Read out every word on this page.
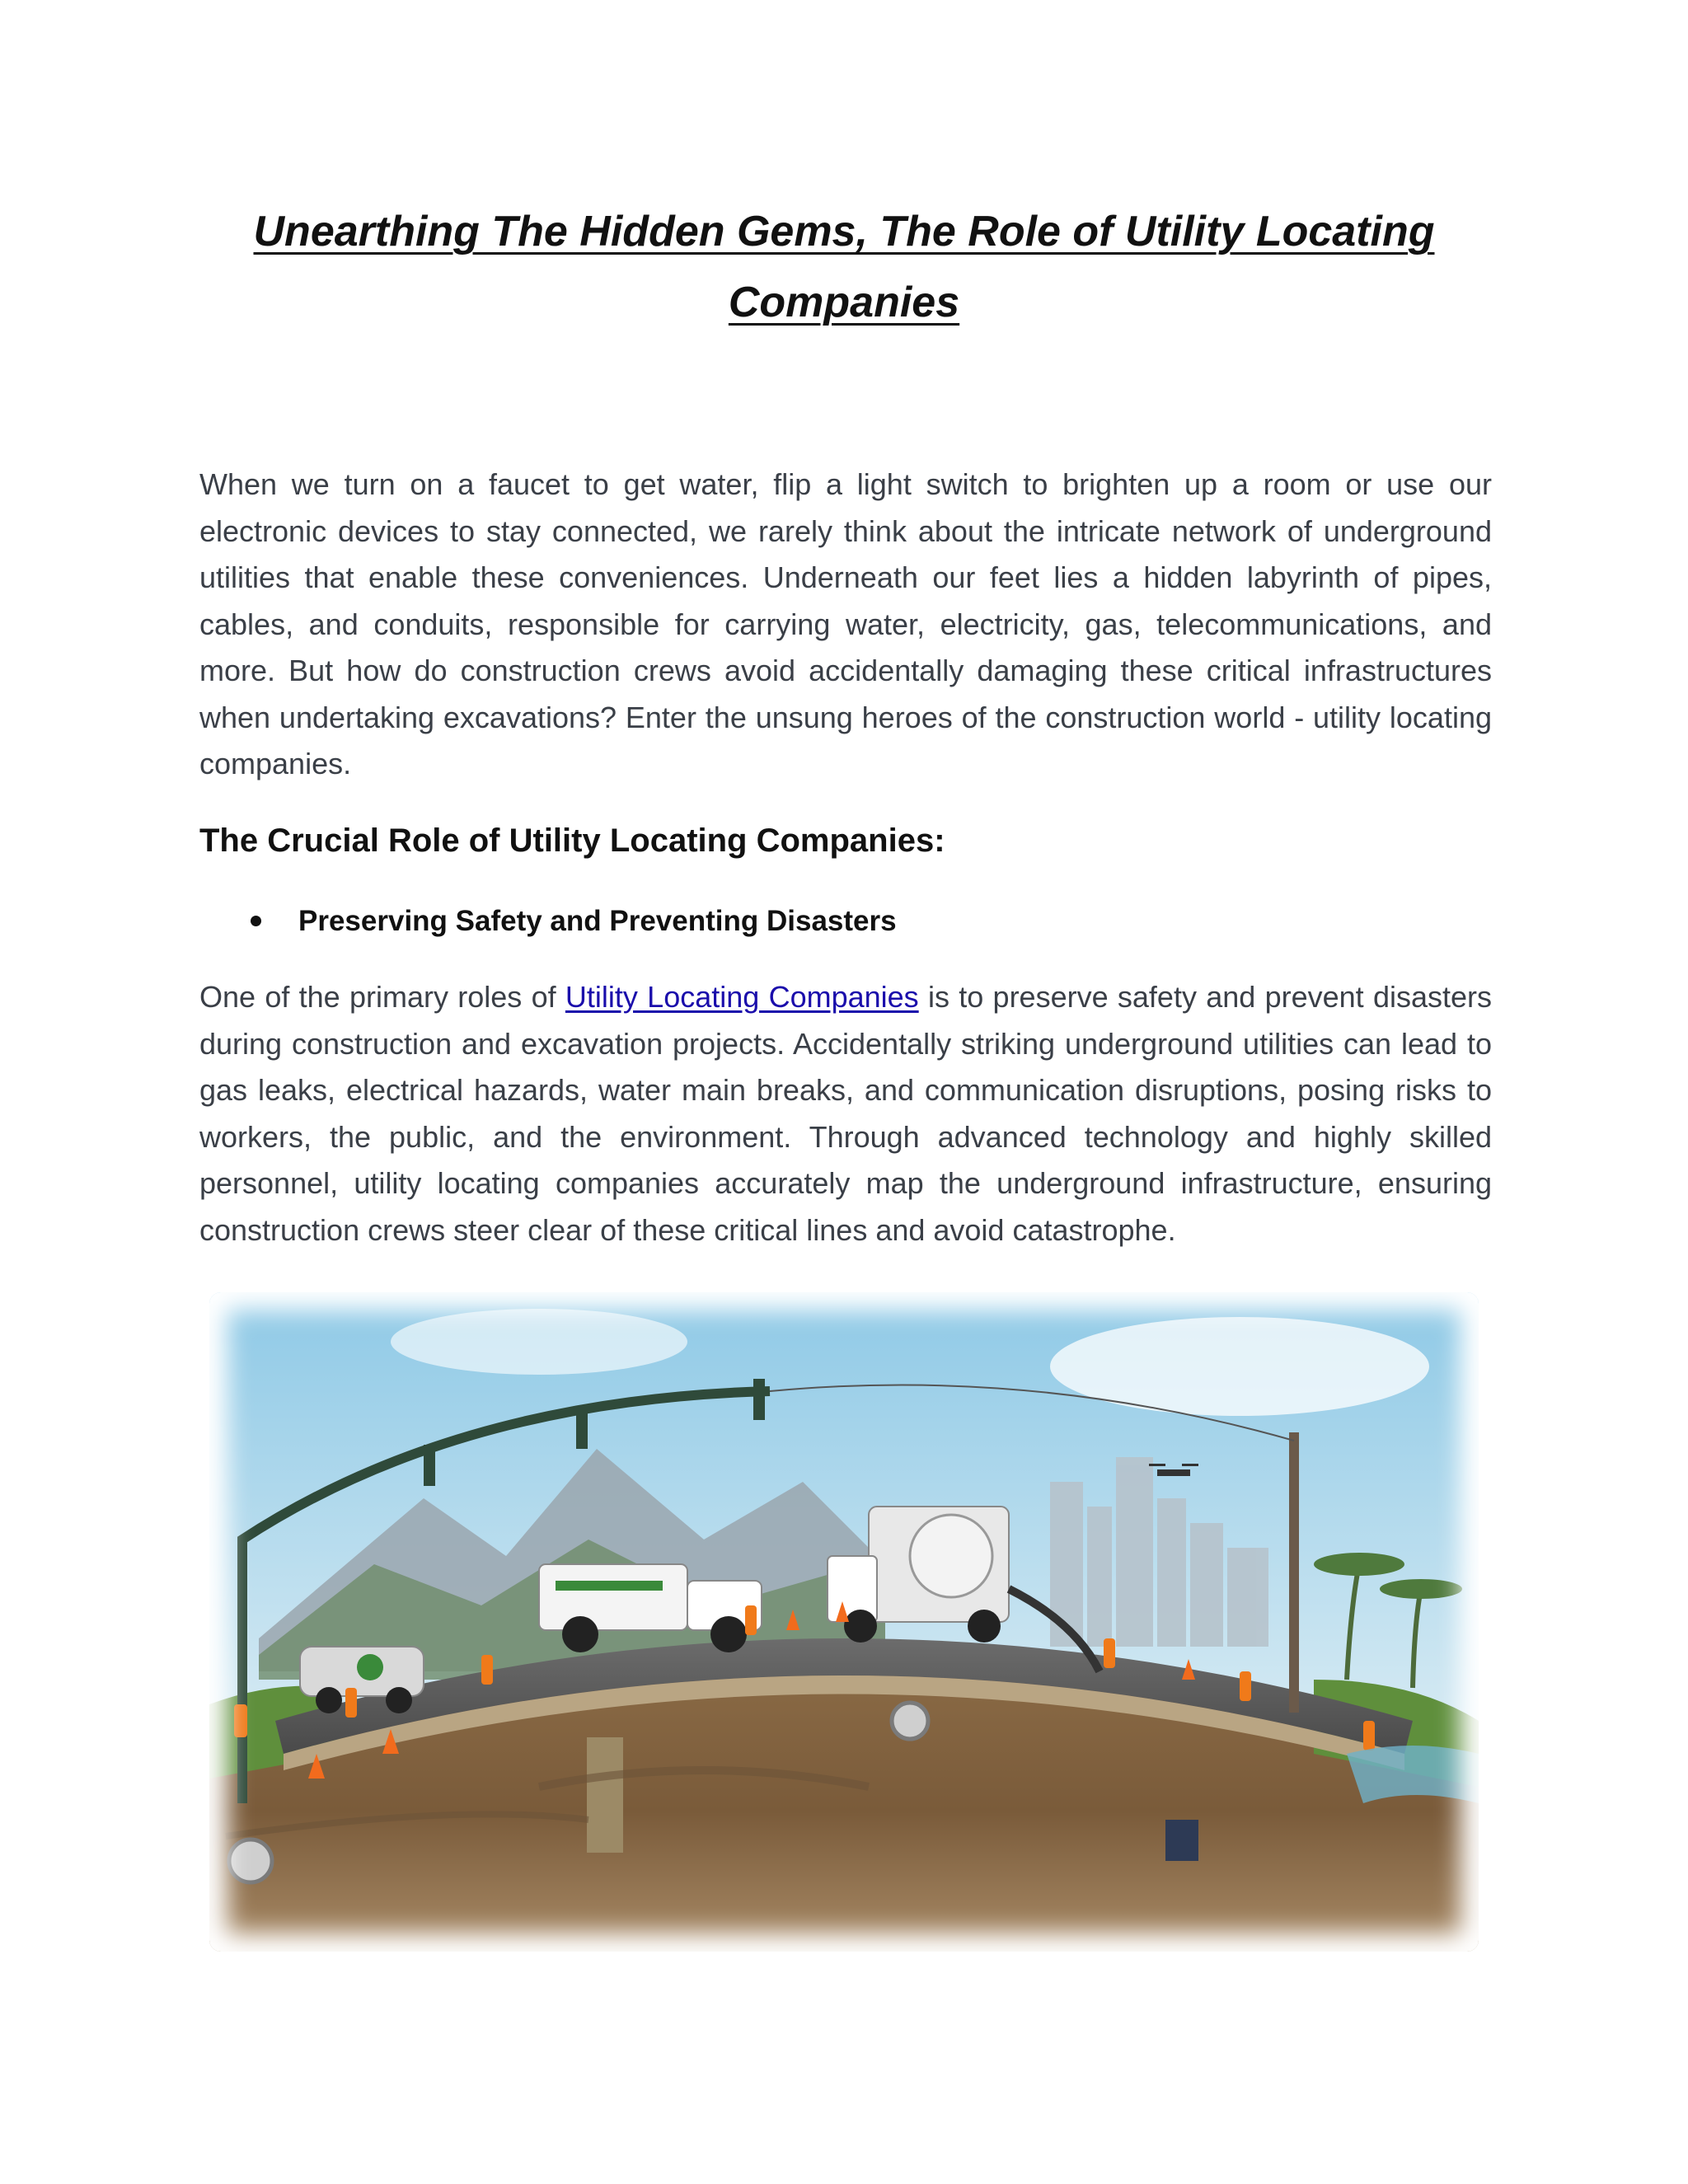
Unearthing The Hidden Gems, The Role of Utility Locating Companies

When we turn on a faucet to get water, flip a light switch to brighten up a room or use our electronic devices to stay connected, we rarely think about the intricate network of underground utilities that enable these conveniences. Underneath our feet lies a hidden labyrinth of pipes, cables, and conduits, responsible for carrying water, electricity, gas, telecommunications, and more. But how do construction crews avoid accidentally damaging these critical infrastructures when undertaking excavations? Enter the unsung heroes of the construction world - utility locating companies.

The Crucial Role of Utility Locating Companies:
Preserving Safety and Preventing Disasters

One of the primary roles of Utility Locating Companies is to preserve safety and prevent disasters during construction and excavation projects. Accidentally striking underground utilities can lead to gas leaks, electrical hazards, water main breaks, and communication disruptions, posing risks to workers, the public, and the environment. Through advanced technology and highly skilled personnel, utility locating companies accurately map the underground infrastructure, ensuring construction crews steer clear of these critical lines and avoid catastrophe.
